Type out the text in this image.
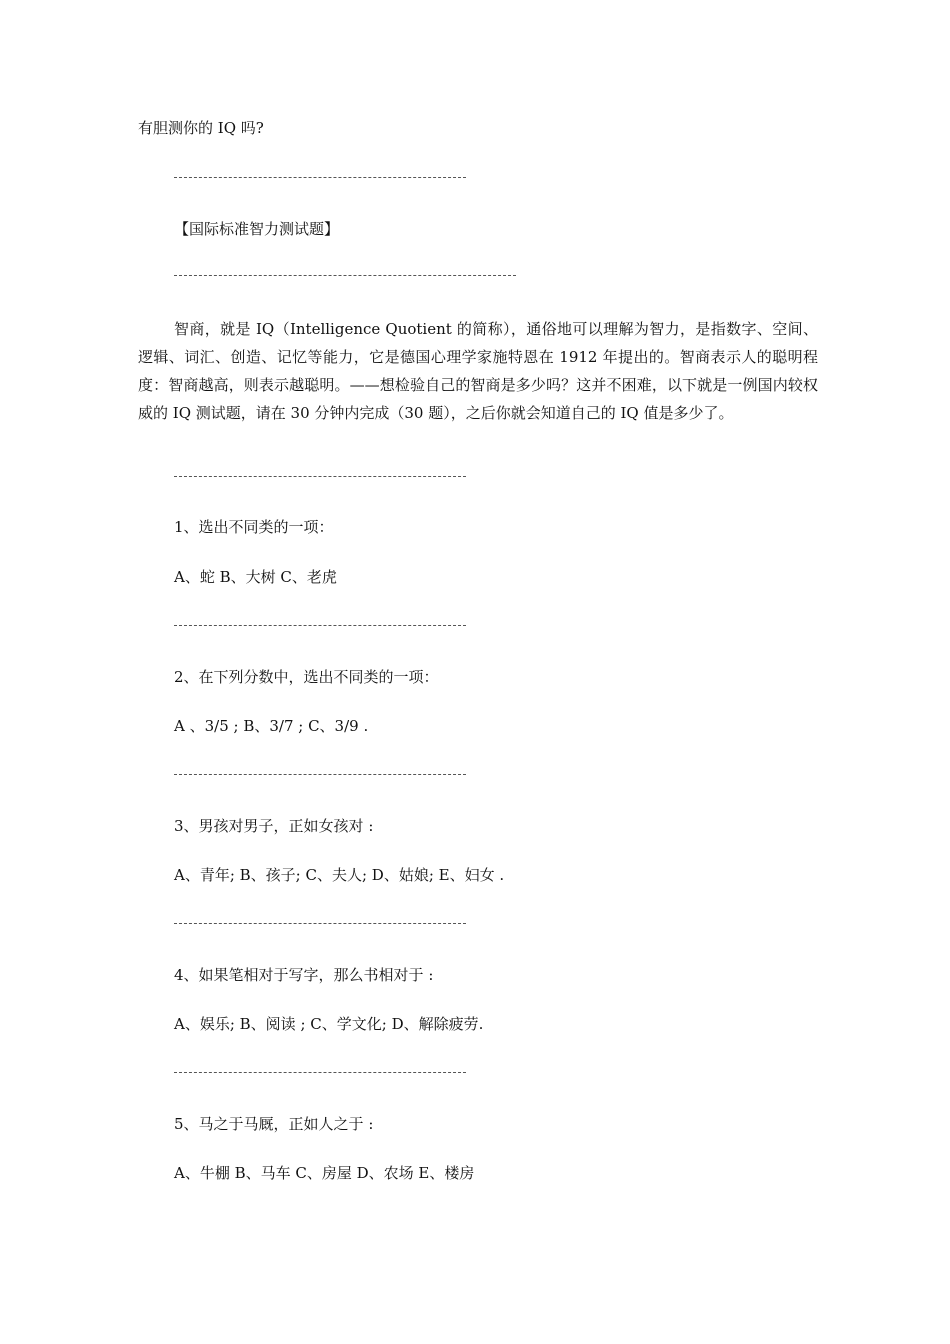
有胆测你的 IQ 吗?
【国际标准智力测试题】
智商，就是 IQ（Intelligence Quotient 的简称），通俗地可以理解为智力，是指数字、空间、逻辑、词汇、创造、记忆等能力，它是德国心理学家施特恩在 1912 年提出的。智商表示人的聪明程度：智商越高，则表示越聪明。——想检验自己的智商是多少吗？这并不困难，以下就是一例国内较权威的 IQ 测试题，请在 30 分钟内完成（30 题），之后你就会知道自己的 IQ 值是多少了。
1、选出不同类的一项：
A、蛇 B、大树 C、老虎
2、在下列分数中，选出不同类的一项：
A 、3/5 ; B、3/7 ; C、3/9 .
3、男孩对男子，正如女孩对 :
A、青年; B、孩子; C、夫人; D、姑娘; E、妇女 .
4、如果笔相对于写字，那么书相对于 :
A、娱乐; B、阅读 ; C、学文化; D、解除疲劳.
5、马之于马厩，正如人之于 :
A、牛棚 B、马车 C、房屋 D、农场 E、楼房
